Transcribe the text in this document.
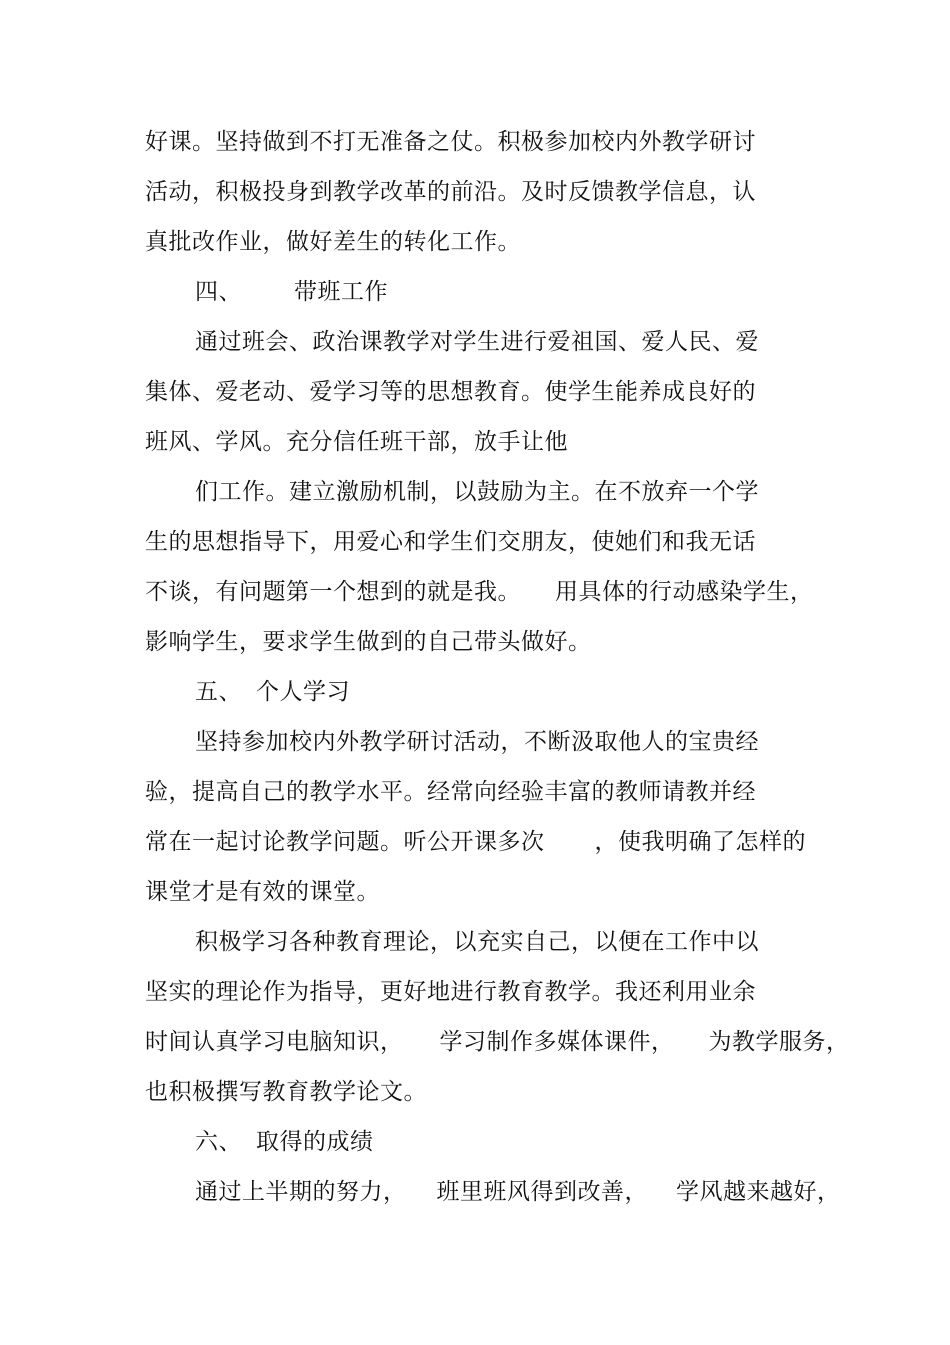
好课。坚持做到不打无准备之仗。积极参加校内外教学研讨
活动，积极投身到教学改革的前沿。及时反馈教学信息，认
真批改作业，做好差生的转化工作。
四、 带班工作
通过班会、政治课教学对学生进行爱祖国、爱人民、爱
集体、爱老动、爱学习等的思想教育。使学生能养成良好的
班风、学风。充分信任班干部，放手让他
们工作。建立激励机制，以鼓励为主。在不放弃一个学
生的思想指导下，用爱心和学生们交朋友，使她们和我无话
不谈，有问题第一个想到的就是我。 用具体的行动感染学生，
影响学生，要求学生做到的自己带头做好。
五、 个人学习
坚持参加校内外教学研讨活动，不断汲取他人的宝贵经
验，提高自己的教学水平。经常向经验丰富的教师请教并经
常在一起讨论教学问题。听公开课多次 ，使我明确了怎样的
课堂才是有效的课堂。
积极学习各种教育理论，以充实自己，以便在工作中以
坚实的理论作为指导，更好地进行教育教学。我还利用业余
时间认真学习电脑知识， 学习制作多媒体课件， 为教学服务，
也积极撰写教育教学论文。
六、 取得的成绩
通过上半期的努力， 班里班风得到改善， 学风越来越好，
